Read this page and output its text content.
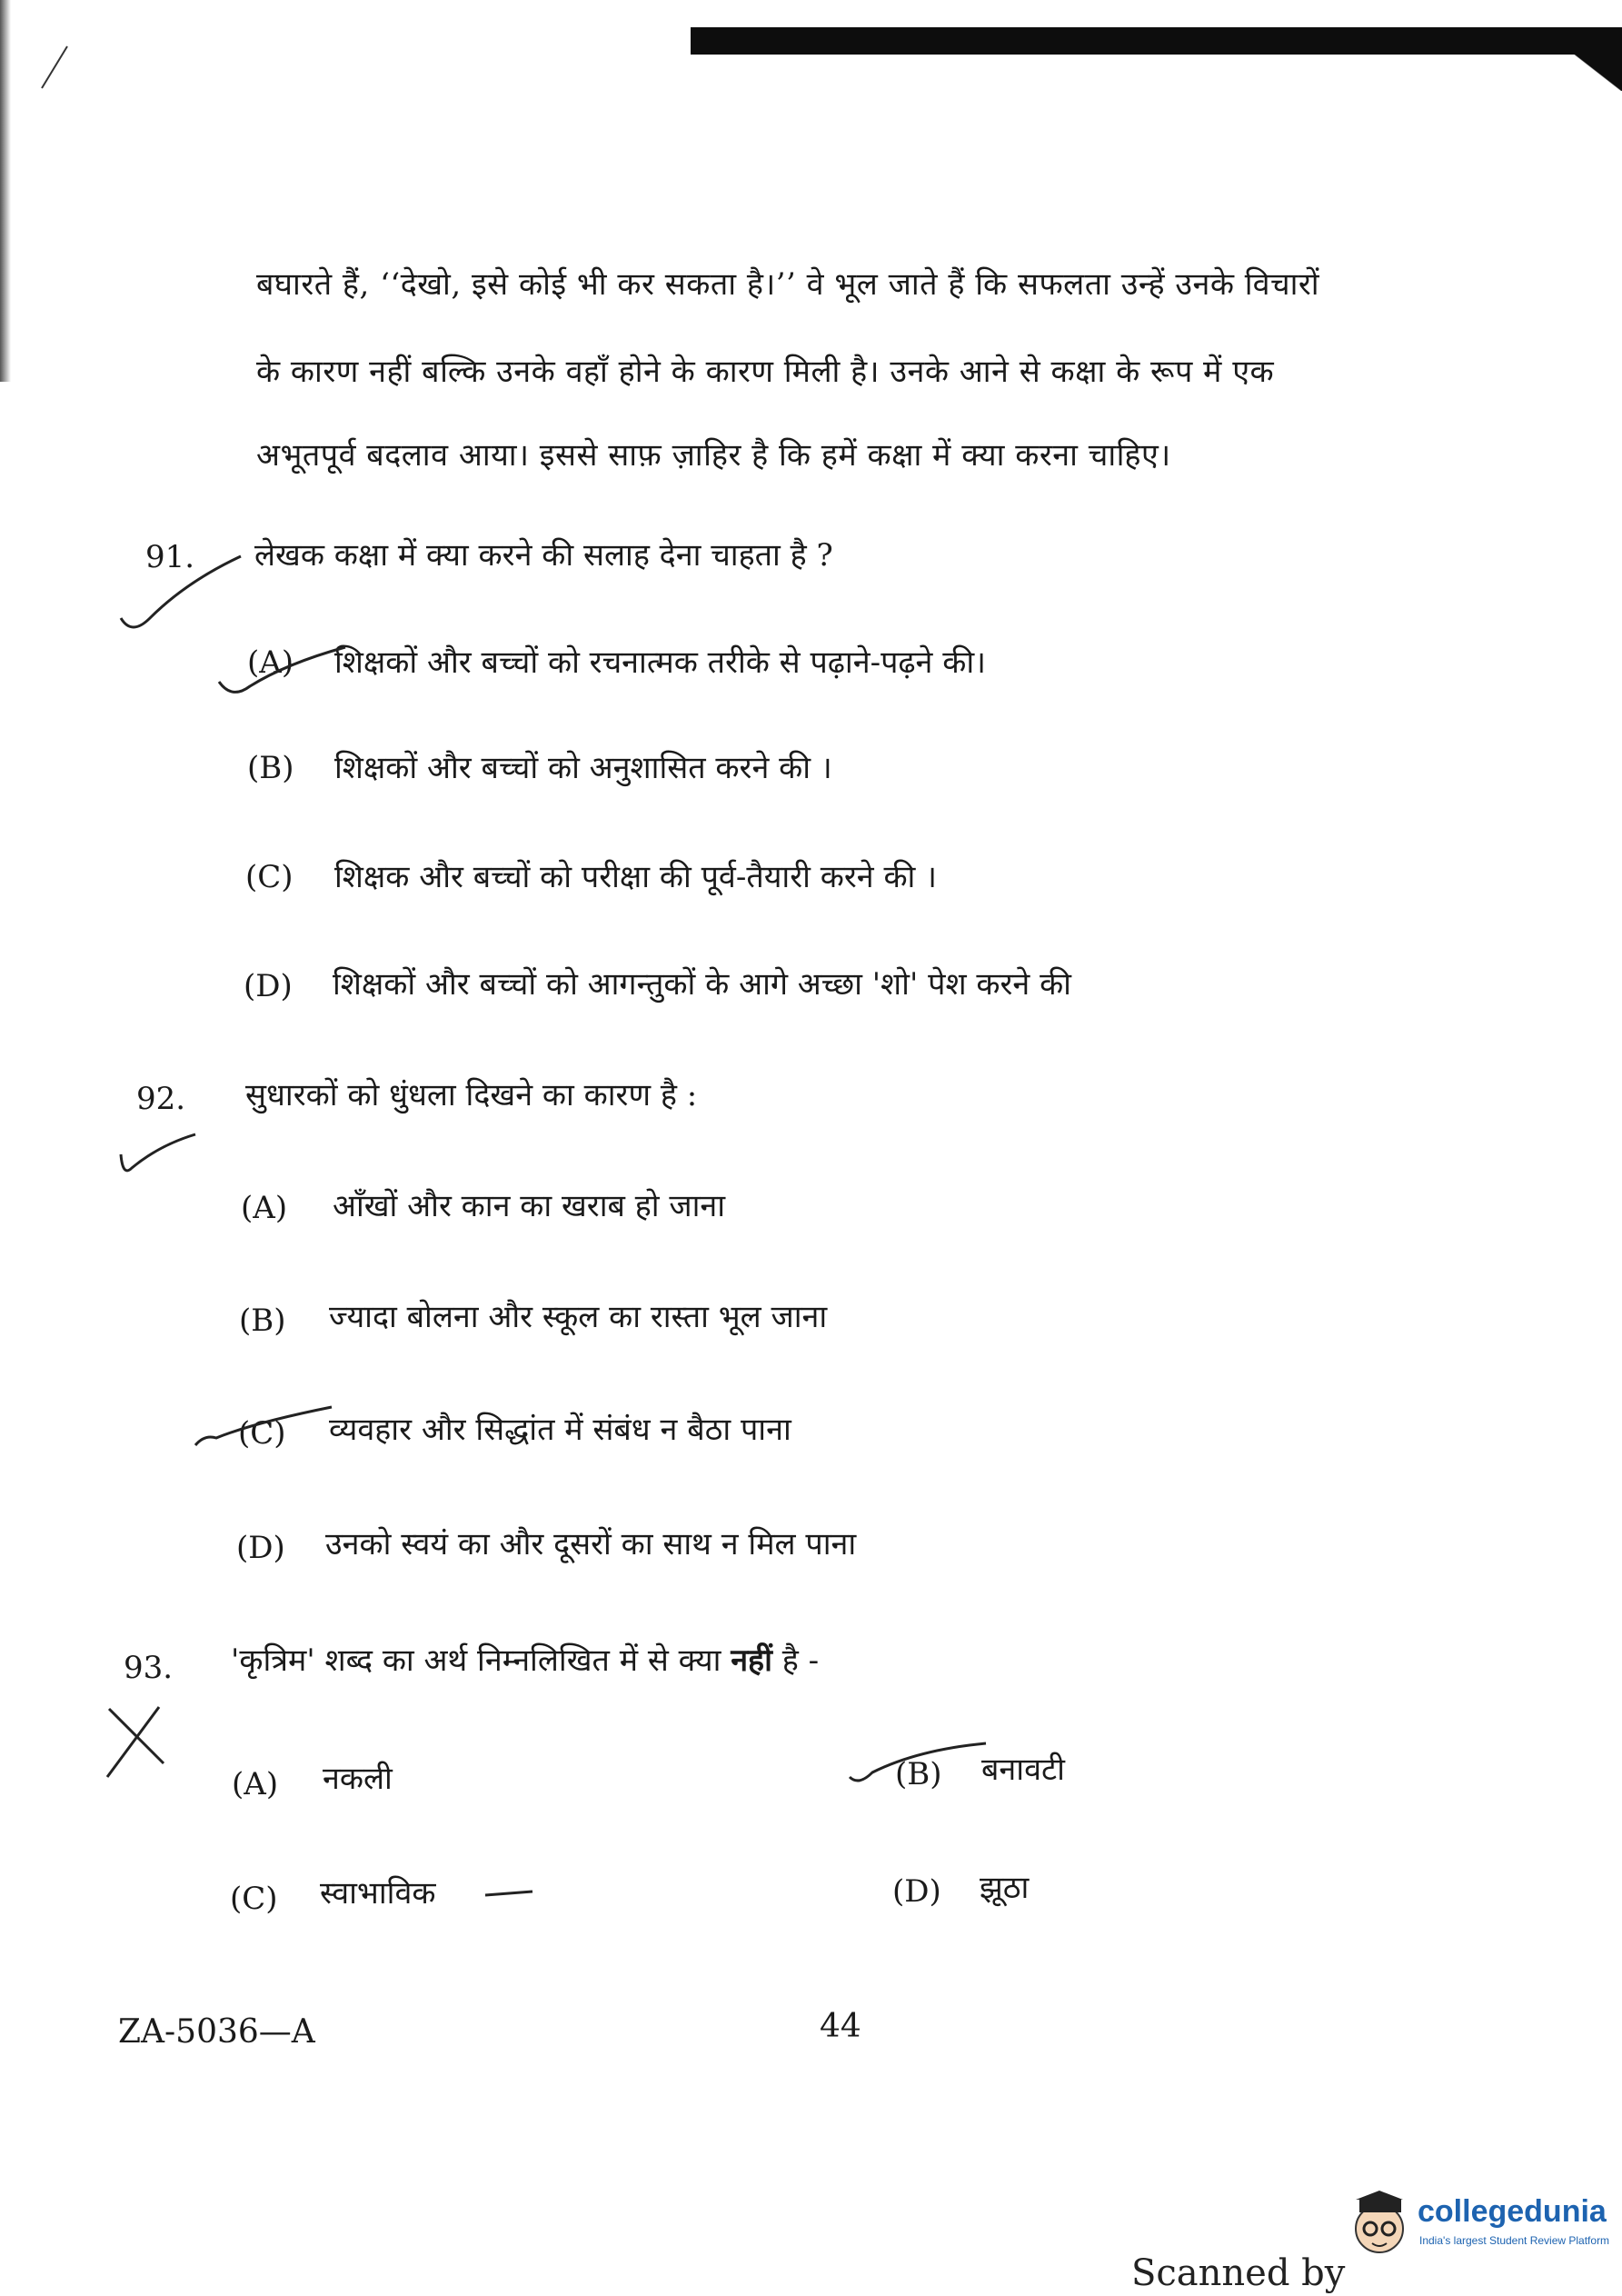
बघारते हैं, ‘‘देखो, इसे कोई भी कर सकता है।’’ वे भूल जाते हैं कि सफलता उन्हें उनके विचारों
के कारण नहीं बल्कि उनके वहाँ होने के कारण मिली है। उनके आने से कक्षा के रूप में एक
अभूतपूर्व बदलाव आया। इससे साफ़ ज़ाहिर है कि हमें कक्षा में क्या करना चाहिए।
91. लेखक कक्षा में क्या करने की सलाह देना चाहता है ?
(A) शिक्षकों और बच्चों को रचनात्मक तरीके से पढ़ाने-पढ़ने की।
(B) शिक्षकों और बच्चों को अनुशासित करने की ।
(C) शिक्षक और बच्चों को परीक्षा की पूर्व-तैयारी करने की ।
(D) शिक्षकों और बच्चों को आगन्तुकों के आगे अच्छा 'शो' पेश करने की
92. सुधारकों को धुंधला दिखने का कारण है :
(A) आँखों और कान का खराब हो जाना
(B) ज्यादा बोलना और स्कूल का रास्ता भूल जाना
(C) व्यवहार और सिद्धांत में संबंध न बैठा पाना
(D) उनको स्वयं का और दूसरों का साथ न मिल पाना
93. 'कृत्रिम' शब्द का अर्थ निम्नलिखित में से क्या नहीं है -
(A) नकली	(B) बनावटी
(C) स्वाभाविक	(D) झूठा
ZA-5036—A	44
Scanned by
collegedunia
India's largest Student Review Platform
